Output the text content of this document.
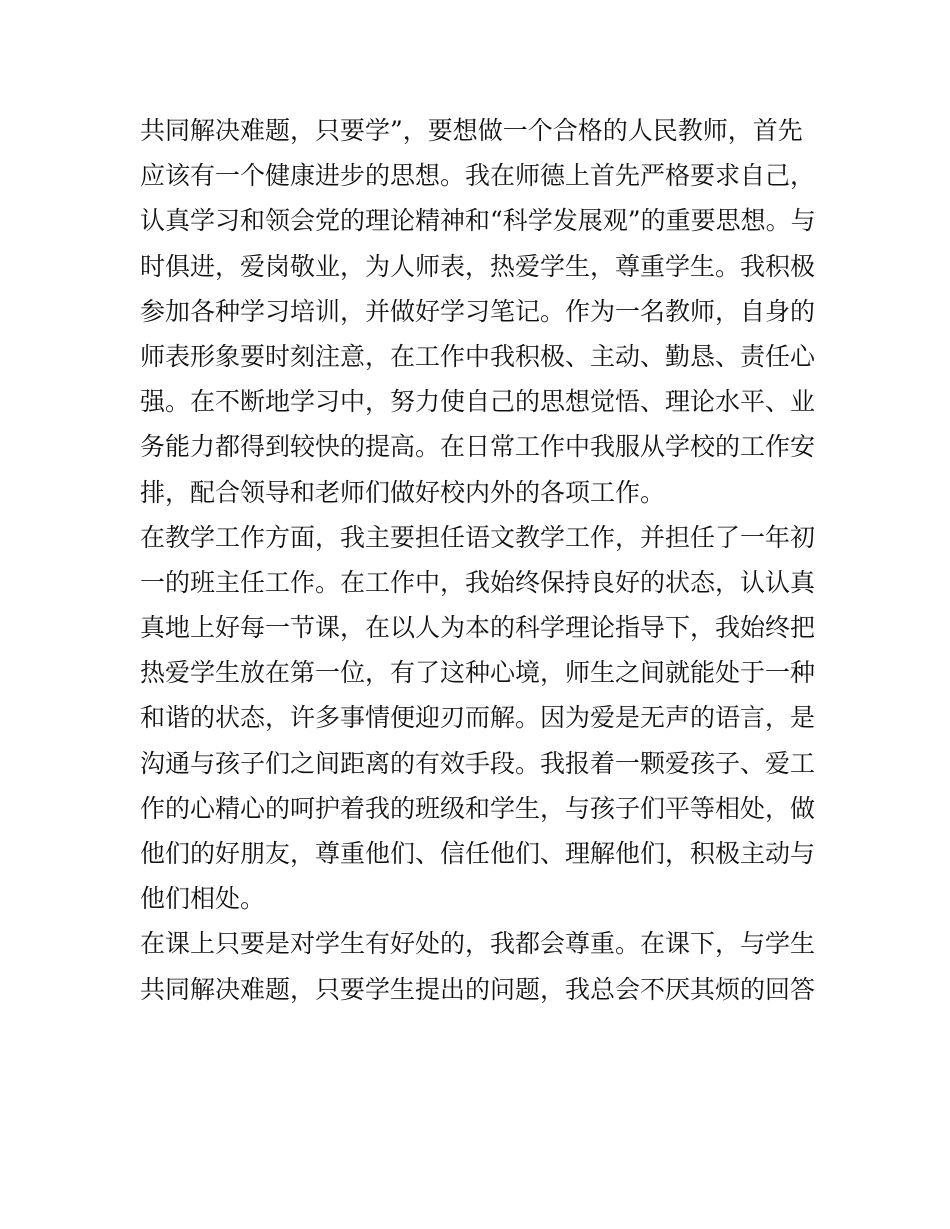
共同解决难题，只要学”，要想做一个合格的人民教师，首先
应该有一个健康进步的思想。我在师德上首先严格要求自己，
认真学习和领会党的理论精神和“科学发展观”的重要思想。与
时俱进，爱岗敬业，为人师表，热爱学生，尊重学生。我积极
参加各种学习培训，并做好学习笔记。作为一名教师，自身的
师表形象要时刻注意，在工作中我积极、主动、勤恳、责任心
强。在不断地学习中，努力使自己的思想觉悟、理论水平、业
务能力都得到较快的提高。在日常工作中我服从学校的工作安
排，配合领导和老师们做好校内外的各项工作。
在教学工作方面，我主要担任语文教学工作，并担任了一年初
一的班主任工作。在工作中，我始终保持良好的状态，认认真
真地上好每一节课，在以人为本的科学理论指导下，我始终把
热爱学生放在第一位，有了这种心境，师生之间就能处于一种
和谐的状态，许多事情便迎刃而解。因为爱是无声的语言，是
沟通与孩子们之间距离的有效手段。我报着一颗爱孩子、爱工
作的心精心的呵护着我的班级和学生，与孩子们平等相处，做
他们的好朋友，尊重他们、信任他们、理解他们，积极主动与
他们相处。
在课上只要是对学生有好处的，我都会尊重。在课下，与学生
共同解决难题，只要学生提出的问题，我总会不厌其烦的回答
